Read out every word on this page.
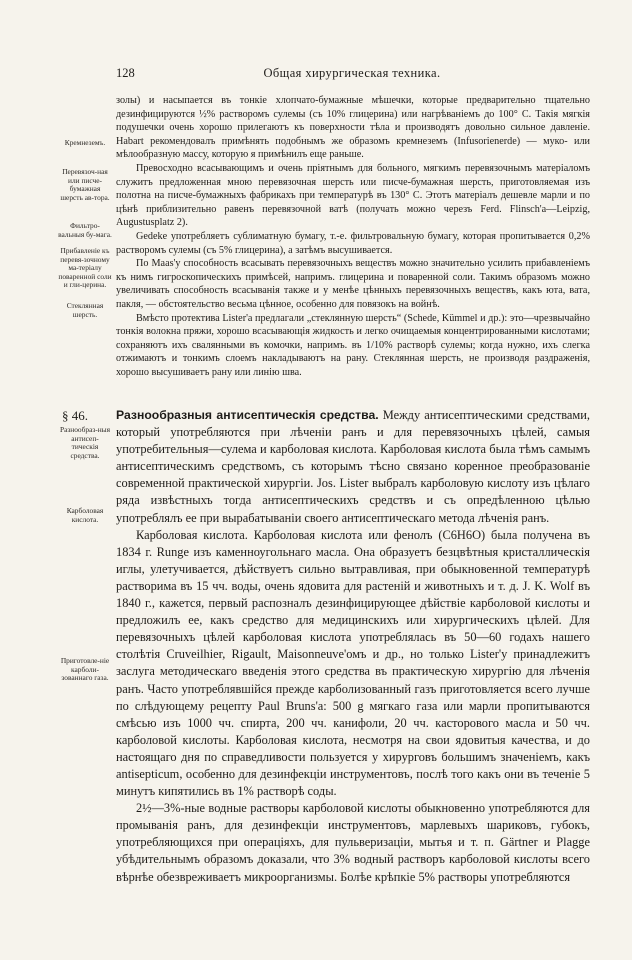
128	Общая хирургическая техника.
Кремнеземъ.
Перевязоч-ная или писче-бумажная шерсть ав-тора.
Фильтро-вальныя бу-мага.
Прибавленіе къ перевя-зочному ма-теріалу поваренной соли и гли-церина.
Стеклянная шерсть.
§ 46.
Разнообраз-ныя антисеп-тическія средства.
Карболовая кислота.
Приготовле-ніе карболи-зованнаго газа.

золы) и насыпается въ тонкіе хлопчато-бумажные мѣшечки, которые предварительно тщательно дезинфицируются ½% растворомъ сулемы (съ 10% глицерина) или нагрѣваніемъ до 100° С. Такія мягкія подушечки очень хорошо прилегаютъ къ поверхности тѣла и производятъ довольно сильное давленіе. Habart рекомендовалъ примѣнять подобнымъ же образомъ кремнеземъ (Infusorienerde) — муко- или мѣлообразную массу, которую я примѣнилъ еще раньше.

Превосходно всасывающимъ и очень пріятнымъ для больного, мягкимъ перевязочнымъ матеріаломъ служитъ предложенная мною перевязочная шерсть или писче-бумажная шерсть, приготовляемая изъ полотна на писче-бумажныхъ фабрикахъ при температурѣ въ 130° С. Этотъ матеріалъ дешевле марли и по цѣнѣ приблизительно равенъ перевязочной ватѣ (получать можно черезъ Ferd. Flinsch'a—Leipzig, Augustusplatz 2).

Gedeke употребляетъ сублиматную бумагу, т.-е. фильтровальную бумагу, которая пропитывается 0,2% растворомъ сулемы (съ 5% глицерина), а затѣмъ высушивается.

По Maas'у способность всасывать перевязочныхъ веществъ можно значительно усилить прибавленіемъ къ нимъ гигроскопическихъ примѣсей, напримъ. глицерина и поваренной соли. Такимъ образомъ можно увеличивать способность всасыванія также и у менѣе цѣнныхъ перевязочныхъ веществъ, какъ юта, вата, пакля, — обстоятельство весьма цѣнное, особенно для повязокъ на войнѣ.

Вмѣсто протектива Lister'а предлагали „стеклянную шерсть“ (Schede, Kümmel и др.): это—чрезвычайно тонкія волокна пряжи, хорошо всасывающія жидкость и легко очищаемыя концентрированными кислотами; сохраняютъ ихъ свалянными въ комочки, напримъ. въ 1/10% растворѣ сулемы; когда нужно, ихъ слегка отжимаютъ и тонкимъ слоемъ накладываютъ на рану. Стеклянная шерсть, не производя раздраженія, хорошо высушиваетъ рану или линію шва.

Разнообразныя антисептическія средства. Между антисептическими средствами, который употребляются при лѣченіи ранъ и для перевязочныхъ цѣлей, самыя употребительныя—сулема и карболовая кислота. Карболовая кислота была тѣмъ самымъ антисептическимъ средствомъ, съ которымъ тѣсно связано коренное преобразованіе современной практической хирургіи. Jos. Lister выбралъ карболовую кислоту изъ цѣлаго ряда извѣстныхъ тогда антисептическихъ средствъ и съ опредѣленною цѣлью употреблялъ ее при вырабатываніи своего антисептическаго метода лѣченія ранъ.

Карболовая кислота. Карболовая кислота или фенолъ (C6H6O) была получена въ 1834 г. Runge изъ каменноугольнаго масла. Она образуетъ безцвѣтныя кристаллическія иглы, улетучивается, дѣйствуетъ сильно вытравливая, при обыкновенной температурѣ растворима въ 15 чч. воды, очень ядовита для растеній и животныхъ и т. д. J. K. Wolf въ 1840 г., кажется, первый распозналъ дезинфицирующее дѣйствіе карболовой кислоты и предложилъ ее, какъ средство для медицинскихъ или хирургическихъ цѣлей. Для перевязочныхъ цѣлей карболовая кислота употреблялась въ 50—60 годахъ нашего столѣтія Cruveilhier, Rigault, Maisonneuve'омъ и др., но только Lister'у принадлежитъ заслуга методическаго введенія этого средства въ практическую хирургію для лѣченія ранъ. Часто употреблявшійся прежде карболизованный газъ приготовляется всего лучше по слѣдующему рецепту Paul Bruns'а: 500 g мягкаго газа или марли пропитываются смѣсью изъ 1000 чч. спирта, 200 чч. канифоли, 20 чч. касторового масла и 50 чч. карболовой кислоты. Карболовая кислота, несмотря на свои ядовитыя качества, и до настоящаго дня по справедливости пользуется у хирурговъ большимъ значеніемъ, какъ antisepticum, особенно для дезинфекціи инструментовъ, послѣ того какъ они въ теченіе 5 минутъ кипятились въ 1% растворѣ соды.

2½—3%-ные водные растворы карболовой кислоты обыкновенно употребляются для промыванія ранъ, для дезинфекціи инструментовъ, марлевыхъ шариковъ, губокъ, употребляющихся при операціяхъ, для пульверизаціи, мытья и т. п. Gärtner и Plagge убѣдительнымъ образомъ доказали, что 3% водный растворъ карболовой кислоты всего вѣрнѣе обезвреживаетъ микроорганизмы. Болѣе крѣпкіе 5% растворы употребляются
